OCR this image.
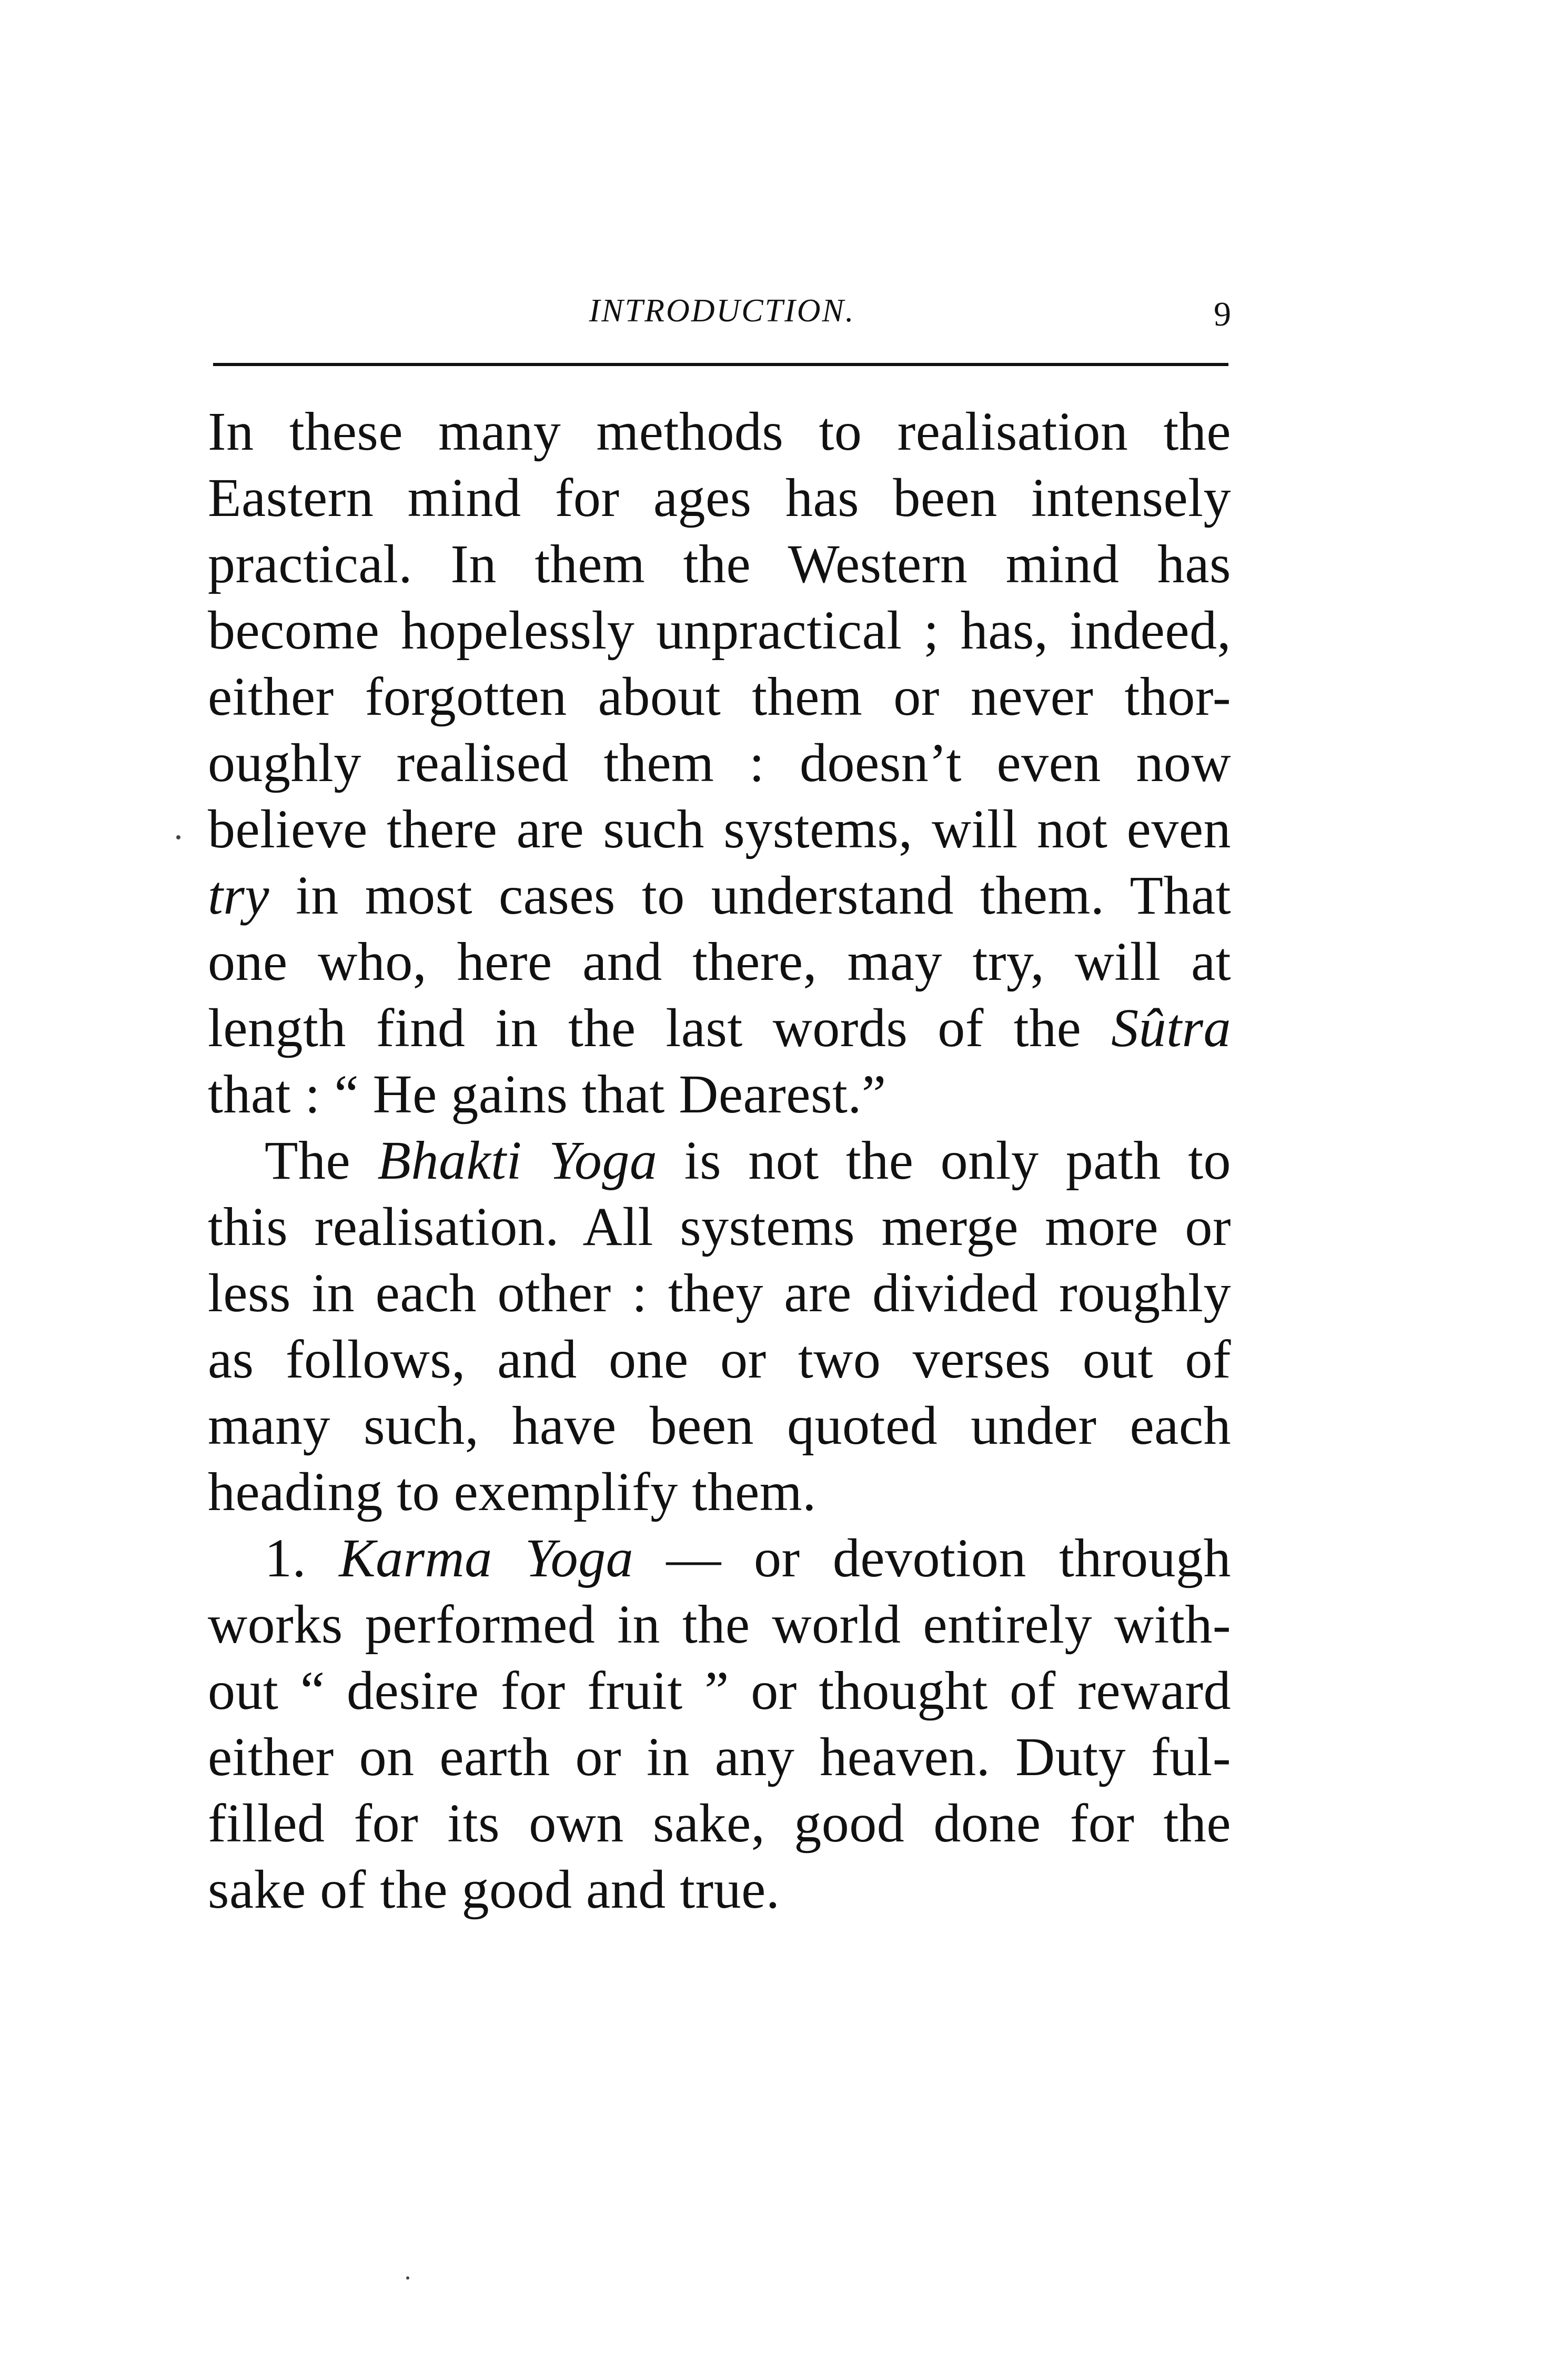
INTRODUCTION.	9
In these many methods to realisation the
Eastern mind for ages has been intensely
practical. In them the Western mind has
become hopelessly unpractical ; has, indeed,
either forgotten about them or never thor-
oughly realised them : doesn’t even now
believe there are such systems, will not even
try in most cases to understand them. That
one who, here and there, may try, will at
length find in the last words of the Sûtra
that : “ He gains that Dearest.”
The Bhakti Yoga is not the only path to
this realisation. All systems merge more or
less in each other : they are divided roughly
as follows, and one or two verses out of
many such, have been quoted under each
heading to exemplify them.
1. Karma Yoga — or devotion through
works performed in the world entirely with-
out “ desire for fruit ” or thought of reward
either on earth or in any heaven. Duty ful-
filled for its own sake, good done for the
sake of the good and true.
